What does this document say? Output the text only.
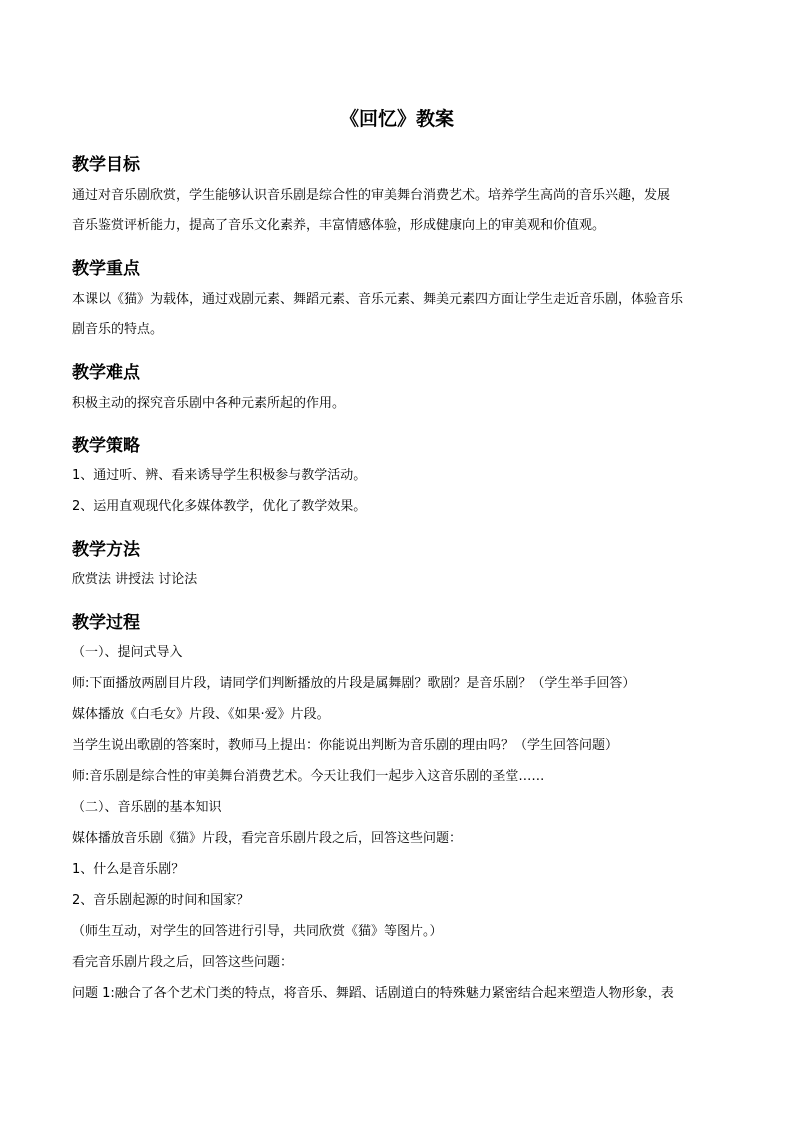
《回忆》教案
教学目标
通过对音乐剧欣赏，学生能够认识音乐剧是综合性的审美舞台消费艺术。培养学生高尚的音乐兴趣，发展
音乐鉴赏评析能力，提高了音乐文化素养，丰富情感体验，形成健康向上的审美观和价值观。
教学重点
本课以《猫》为载体，通过戏剧元素、舞蹈元素、音乐元素、舞美元素四方面让学生走近音乐剧，体验音乐
剧音乐的特点。
教学难点
积极主动的探究音乐剧中各种元素所起的作用。
教学策略
1、通过听、辨、看来诱导学生积极参与教学活动。
2、运用直观现代化多媒体教学，优化了教学效果。
教学方法
欣赏法 讲授法 讨论法
教学过程
（一）、提问式导入
师:下面播放两剧目片段，请同学们判断播放的片段是属舞剧？歌剧？是音乐剧？（学生举手回答）
媒体播放《白毛女》片段、《如果·爱》片段。
当学生说出歌剧的答案时，教师马上提出：你能说出判断为音乐剧的理由吗？（学生回答问题）
师:音乐剧是综合性的审美舞台消费艺术。今天让我们一起步入这音乐剧的圣堂……
（二）、音乐剧的基本知识
媒体播放音乐剧《猫》片段，看完音乐剧片段之后，回答这些问题：
1、什么是音乐剧？
2、音乐剧起源的时间和国家？
（师生互动，对学生的回答进行引导，共同欣赏《猫》等图片。）
看完音乐剧片段之后，回答这些问题：
问题 1:融合了各个艺术门类的特点，将音乐、舞蹈、话剧道白的特殊魅力紧密结合起来塑造人物形象，表
